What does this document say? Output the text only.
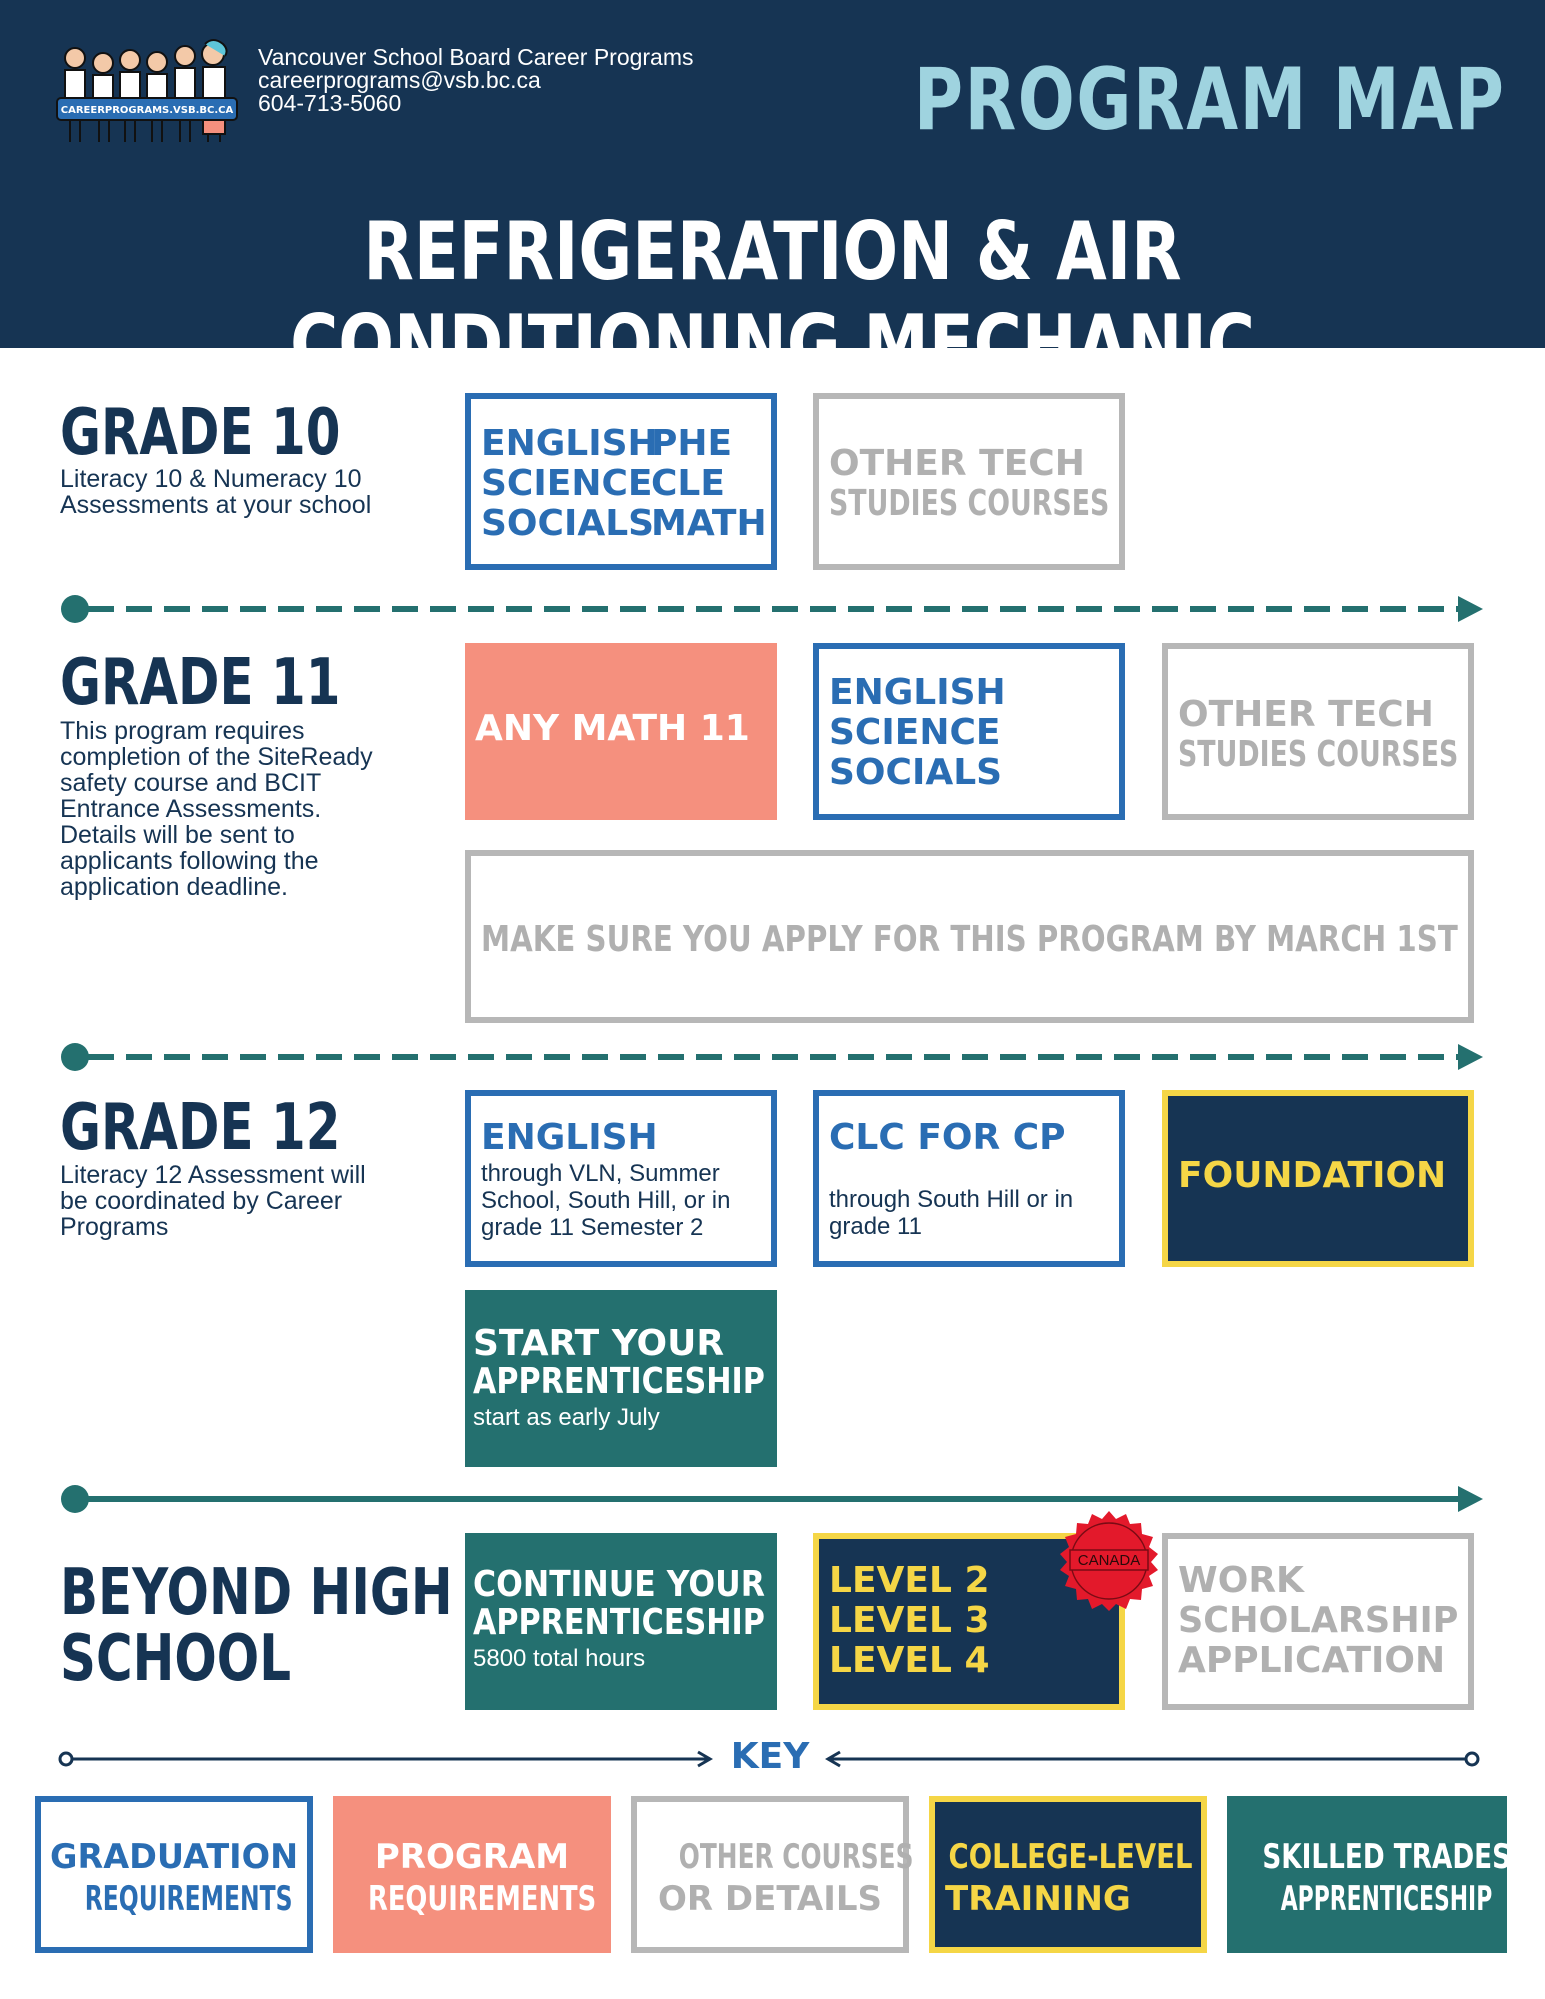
CAREERPROGRAMS.VSB.BC.CA
Vancouver School Board Career Programs
careerprograms@vsb.bc.ca
604-713-5060	PROGRAM MAP
REFRIGERATION & AIR CONDITIONING MECHANIC
GRADE 10
Literacy 10 & Numeracy 10 Assessments at your school
ENGLISH
SCIENCE
SOCIALS
PHE
CLE
MATH
OTHER TECH
STUDIES COURSES
GRADE 11
This program requires completion of the SiteReady safety course and BCIT Entrance Assessments. Details will be sent to applicants following the application deadline.
ANY MATH 11
ENGLISH
SCIENCE
SOCIALS
OTHER TECH
STUDIES COURSES
MAKE SURE YOU APPLY FOR THIS PROGRAM BY MARCH 1ST
GRADE 12
Literacy 12 Assessment will be coordinated by Career Programs
ENGLISH
through VLN, Summer School, South Hill, or in grade 11 Semester 2
CLC FOR CP
through South Hill or in grade 11
FOUNDATION
START YOUR
APPRENTICESHIP
start as early July
BEYOND HIGH
SCHOOL
CONTINUE YOUR
APPRENTICESHIP
5800 total hours
LEVEL 2
LEVEL 3
LEVEL 4
CANADA WORK
SCHOLARSHIP
APPLICATION
KEY
GRADUATION
REQUIREMENTS
PROGRAM
REQUIREMENTS
OTHER COURSES
OR DETAILS
COLLEGE-LEVEL
TRAINING
SKILLED TRADES
APPRENTICESHIP
